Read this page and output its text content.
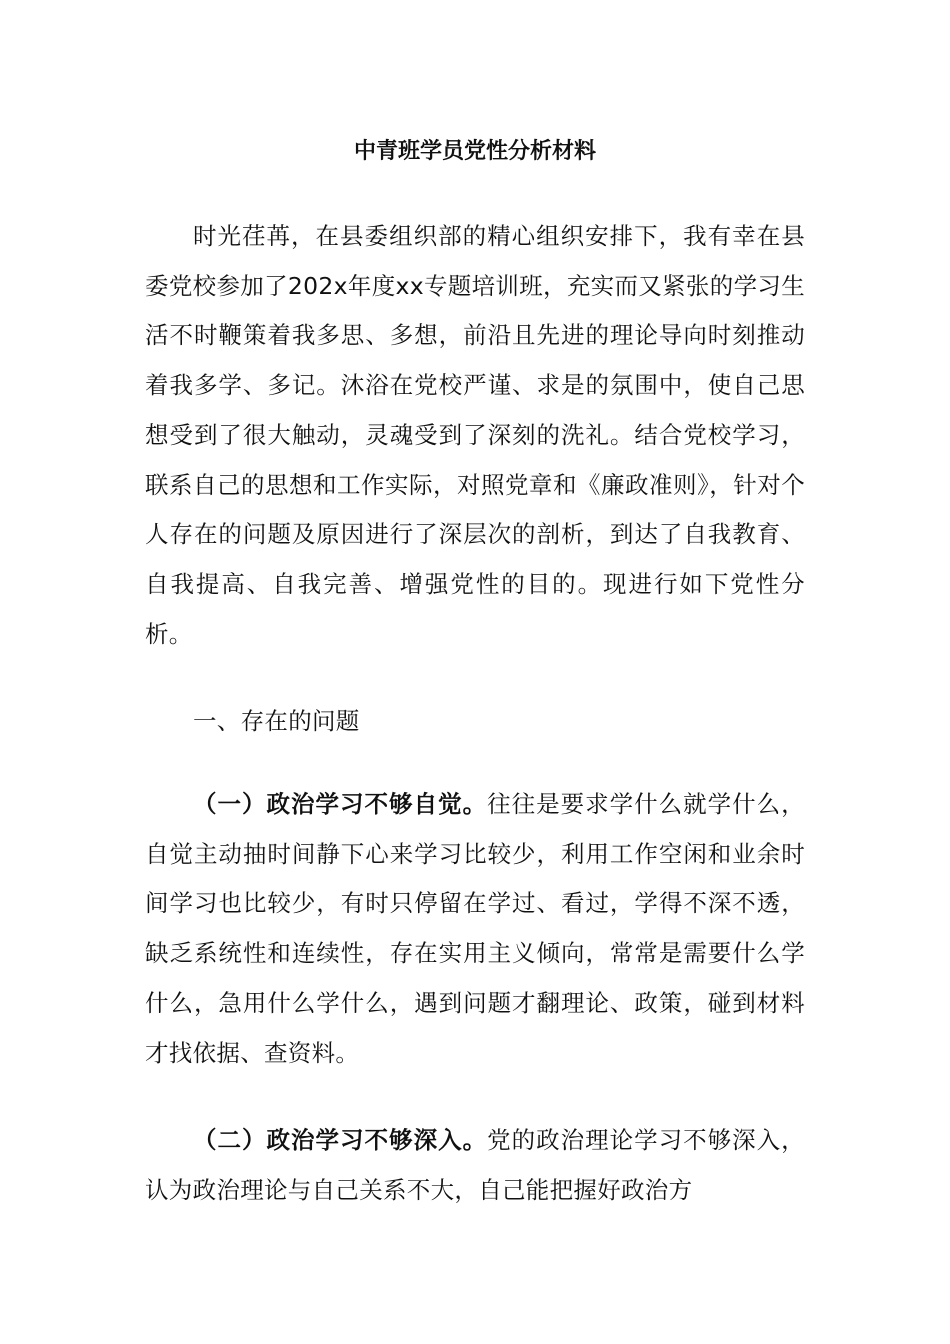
中青班学员党性分析材料

时光荏苒，在县委组织部的精心组织安排下，我有幸在县委党校参加了202x年度xx专题培训班，充实而又紧张的学习生活不时鞭策着我多思、多想，前沿且先进的理论导向时刻推动着我多学、多记。沐浴在党校严谨、求是的氛围中，使自己思想受到了很大触动，灵魂受到了深刻的洗礼。结合党校学习，联系自己的思想和工作实际，对照党章和《廉政准则》，针对个人存在的问题及原因进行了深层次的剖析，到达了自我教育、自我提高、自我完善、增强党性的目的。现进行如下党性分析。

一、存在的问题

（一）政治学习不够自觉。往往是要求学什么就学什么，自觉主动抽时间静下心来学习比较少，利用工作空闲和业余时间学习也比较少，有时只停留在学过、看过，学得不深不透，缺乏系统性和连续性，存在实用主义倾向，常常是需要什么学什么，急用什么学什么，遇到问题才翻理论、政策，碰到材料才找依据、查资料。

（二）政治学习不够深入。党的政治理论学习不够深入，认为政治理论与自己关系不大，自己能把握好政治方
